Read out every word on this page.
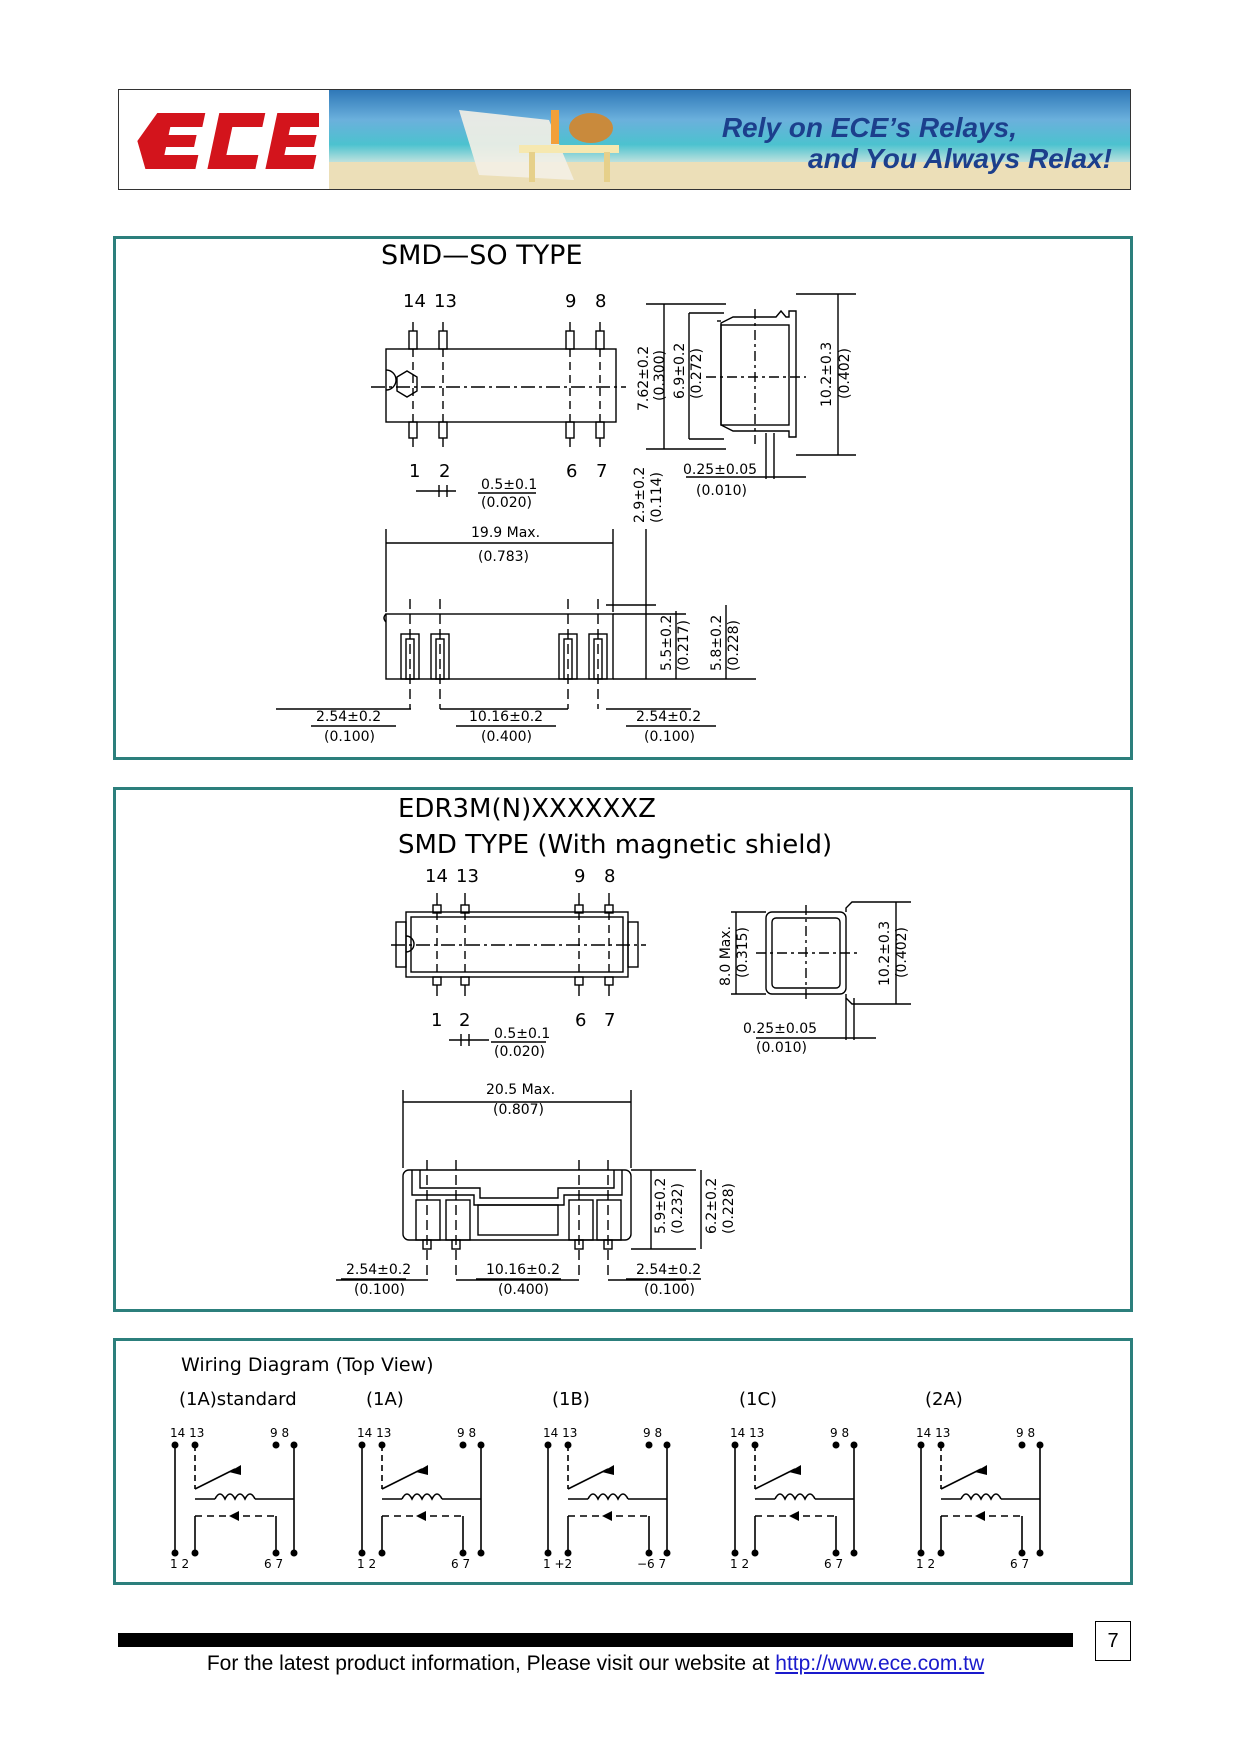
Rely on ECE’s Relays,
and You Always Relax!
SMD—SO TYPE
14 13	9 8
1 2	6 7
0.5±0.1
(0.020)
7.62±0.2 (0.300) 6.9±0.2 (0.272)	10.2±0.3 (0.402)
0.25±0.05
(0.010)
2.9±0.2 (0.114)
19.9 Max.
(0.783)
5.5±0.2 (0.217) 5.8±0.2 (0.228)
2.54±0.2
(0.100)
10.16±0.2
(0.400)
2.54±0.2
(0.100)
EDR3M(N)XXXXXXZ
SMD TYPE (With magnetic shield)
14 13	9 8
1 2	6 7
0.5±0.1
(0.020)
8.0 Max. (0.315)	10.2±0.3 (0.402)
0.25±0.05
(0.010)
20.5 Max.
(0.807)
5.9±0.2 (0.232) 6.2±0.2 (0.228)
2.54±0.2
(0.100)
10.16±0.2
(0.400)
2.54±0.2
(0.100)
Wiring Diagram (Top View)
(1A)standard
14 13	9 8
1 2	6 7
(1A)
14 13	9 8
1 2	6 7
(1B)
14 13	9 8
1 +2	−6 7
(1C)
14 13	9 8
1 2	6 7
(2A)
14 13	9 8
1 2	6 7
7
For the latest product information, Please visit our website at http://www.ece.com.tw
